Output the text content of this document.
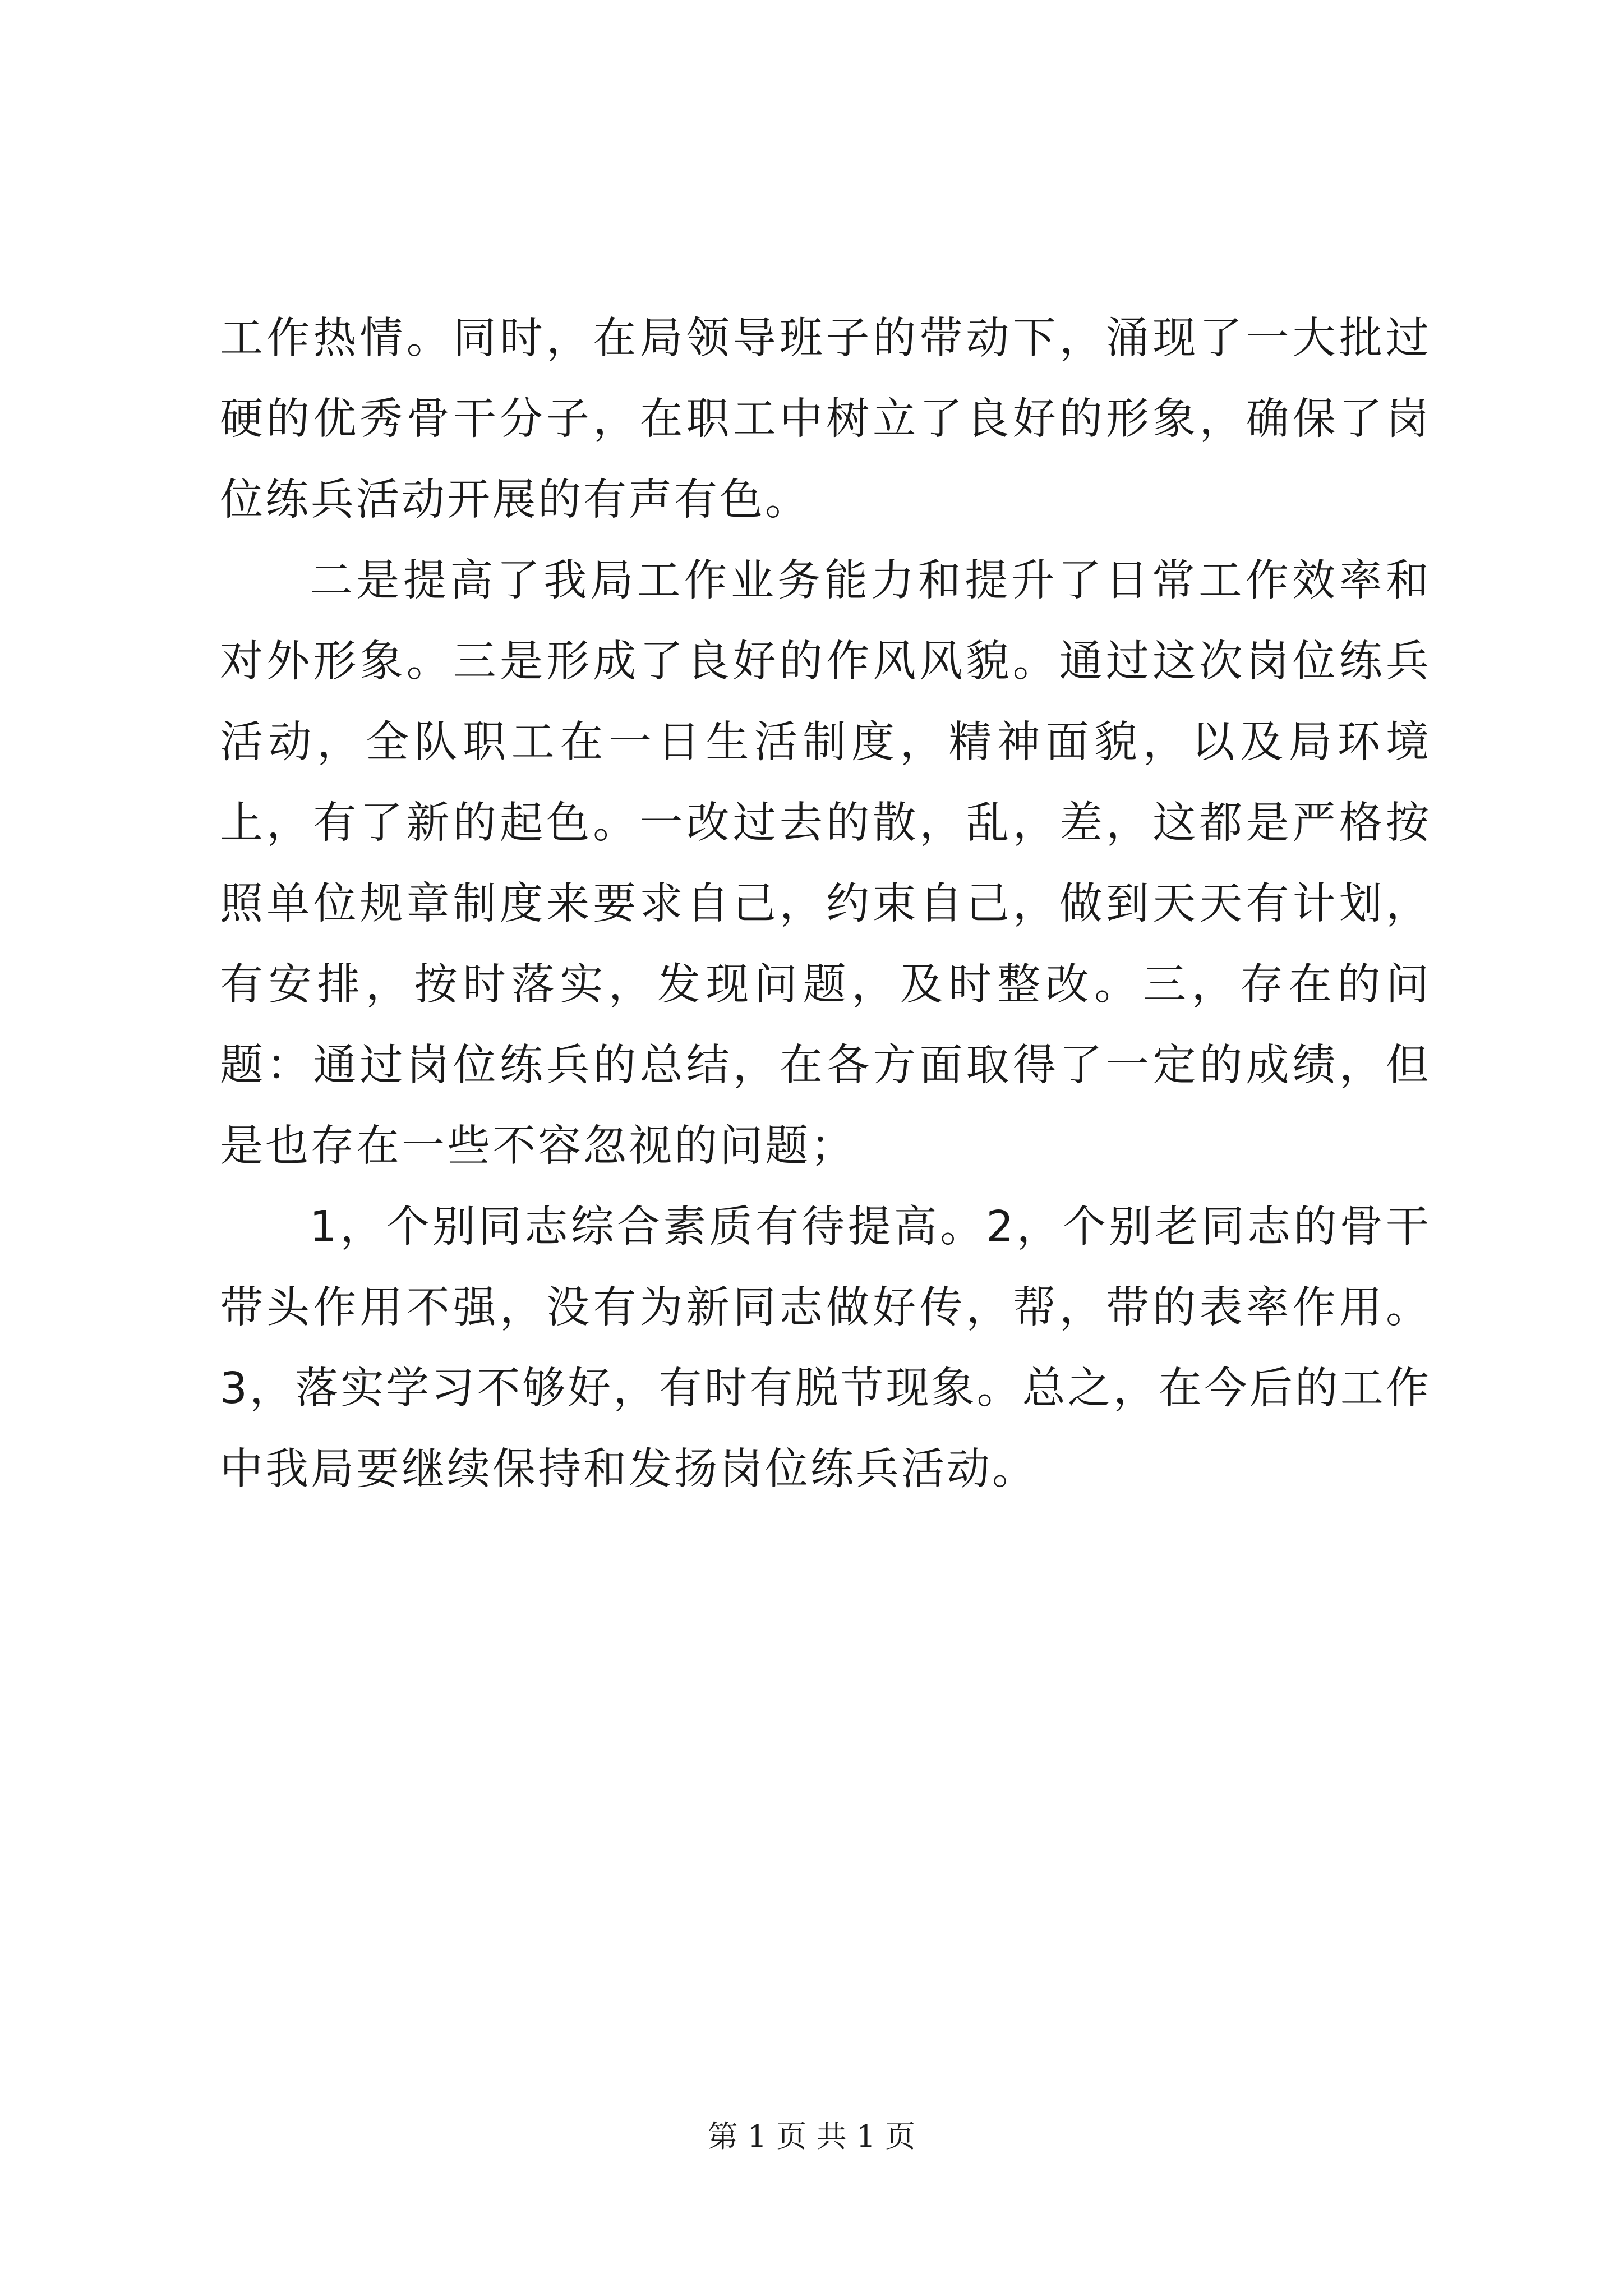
工作热情。同时，在局领导班子的带动下，涌现了一大批过硬的优秀骨干分子，在职工中树立了良好的形象，确保了岗位练兵活动开展的有声有色。

二是提高了我局工作业务能力和提升了日常工作效率和对外形象。三是形成了良好的作风风貌。通过这次岗位练兵活动，全队职工在一日生活制度，精神面貌，以及局环境上，有了新的起色。一改过去的散，乱，差，这都是严格按照单位规章制度来要求自己，约束自己，做到天天有计划，有安排，按时落实，发现问题，及时整改。三，存在的问题：通过岗位练兵的总结，在各方面取得了一定的成绩，但是也存在一些不容忽视的问题；

1，个别同志综合素质有待提高。2，个别老同志的骨干带头作用不强，没有为新同志做好传，帮，带的表率作用。3，落实学习不够好，有时有脱节现象。总之，在今后的工作中我局要继续保持和发扬岗位练兵活动。

第 1 页 共 1 页
